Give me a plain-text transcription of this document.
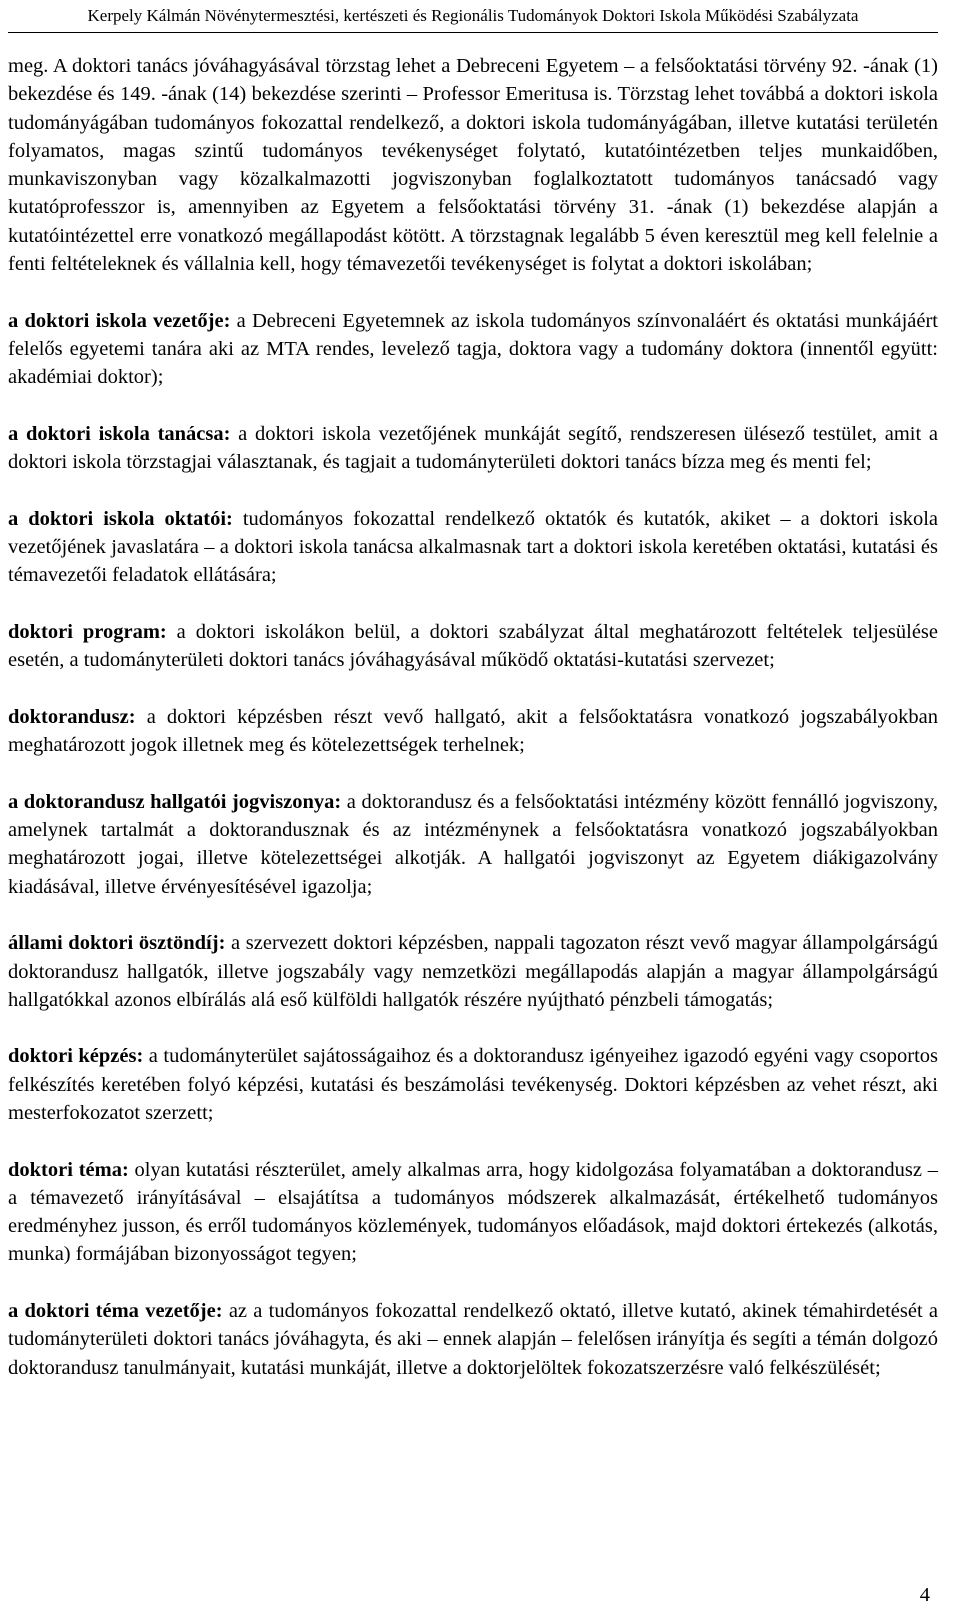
Kerpely Kálmán Növénytermesztési, kertészeti és Regionális Tudományok Doktori Iskola Működési Szabályzata

meg. A doktori tanács jóváhagyásával törzstag lehet a Debreceni Egyetem – a felsőoktatási törvény 92. -ának (1) bekezdése és 149. -ának (14) bekezdése szerinti – Professor Emeritusa is. Törzstag lehet továbbá a doktori iskola tudományágában tudományos fokozattal rendelkező, a doktori iskola tudományágában, illetve kutatási területén folyamatos, magas szintű tudományos tevékenységet folytató, kutatóintézetben teljes munkaidőben, munkaviszonyban vagy közalkalmazotti jogviszonyban foglalkoztatott tudományos tanácsadó vagy kutatóprofesszor is, amennyiben az Egyetem a felsőoktatási törvény 31. -ának (1) bekezdése alapján a kutatóintézettel erre vonatkozó megállapodást kötött. A törzstagnak legalább 5 éven keresztül meg kell felelnie a fenti feltételeknek és vállalnia kell, hogy témavezetői tevékenységet is folytat a doktori iskolában;

a doktori iskola vezetője: a Debreceni Egyetemnek az iskola tudományos színvonaláért és oktatási munkájáért felelős egyetemi tanára aki az MTA rendes, levelező tagja, doktora vagy a tudomány doktora (innentől együtt: akadémiai doktor);

a doktori iskola tanácsa: a doktori iskola vezetőjének munkáját segítő, rendszeresen ülésező testület, amit a doktori iskola törzstagjai választanak, és tagjait a tudományterületi doktori tanács bízza meg és menti fel;

a doktori iskola oktatói: tudományos fokozattal rendelkező oktatók és kutatók, akiket – a doktori iskola vezetőjének javaslatára – a doktori iskola tanácsa alkalmasnak tart a doktori iskola keretében oktatási, kutatási és témavezetői feladatok ellátására;

doktori program: a doktori iskolákon belül, a doktori szabályzat által meghatározott feltételek teljesülése esetén, a tudományterületi doktori tanács jóváhagyásával működő oktatási-kutatási szervezet;

doktorandusz: a doktori képzésben részt vevő hallgató, akit a felsőoktatásra vonatkozó jogszabályokban meghatározott jogok illetnek meg és kötelezettségek terhelnek;

a doktorandusz hallgatói jogviszonya: a doktorandusz és a felsőoktatási intézmény között fennálló jogviszony, amelynek tartalmát a doktorandusznak és az intézménynek a felsőoktatásra vonatkozó jogszabályokban meghatározott jogai, illetve kötelezettségei alkotják. A hallgatói jogviszonyt az Egyetem diákigazolvány kiadásával, illetve érvényesítésével igazolja;

állami doktori ösztöndíj: a szervezett doktori képzésben, nappali tagozaton részt vevő magyar állampolgárságú doktorandusz hallgatók, illetve jogszabály vagy nemzetközi megállapodás alapján a magyar állampolgárságú hallgatókkal azonos elbírálás alá eső külföldi hallgatók részére nyújtható pénzbeli támogatás;

doktori képzés: a tudományterület sajátosságaihoz és a doktorandusz igényeihez igazodó egyéni vagy csoportos felkészítés keretében folyó képzési, kutatási és beszámolási tevékenység. Doktori képzésben az vehet részt, aki mesterfokozatot szerzett;

doktori téma: olyan kutatási részterület, amely alkalmas arra, hogy kidolgozása folyamatában a doktorandusz – a témavezető irányításával – elsajátítsa a tudományos módszerek alkalmazását, értékelhető tudományos eredményhez jusson, és erről tudományos közlemények, tudományos előadások, majd doktori értekezés (alkotás, munka) formájában bizonyosságot tegyen;

a doktori téma vezetője: az a tudományos fokozattal rendelkező oktató, illetve kutató, akinek témahirdetését a tudományterületi doktori tanács jóváhagyta, és aki – ennek alapján – felelősen irányítja és segíti a témán dolgozó doktorandusz tanulmányait, kutatási munkáját, illetve a doktorjelöltek fokozatszerzésre való felkészülését;

4
